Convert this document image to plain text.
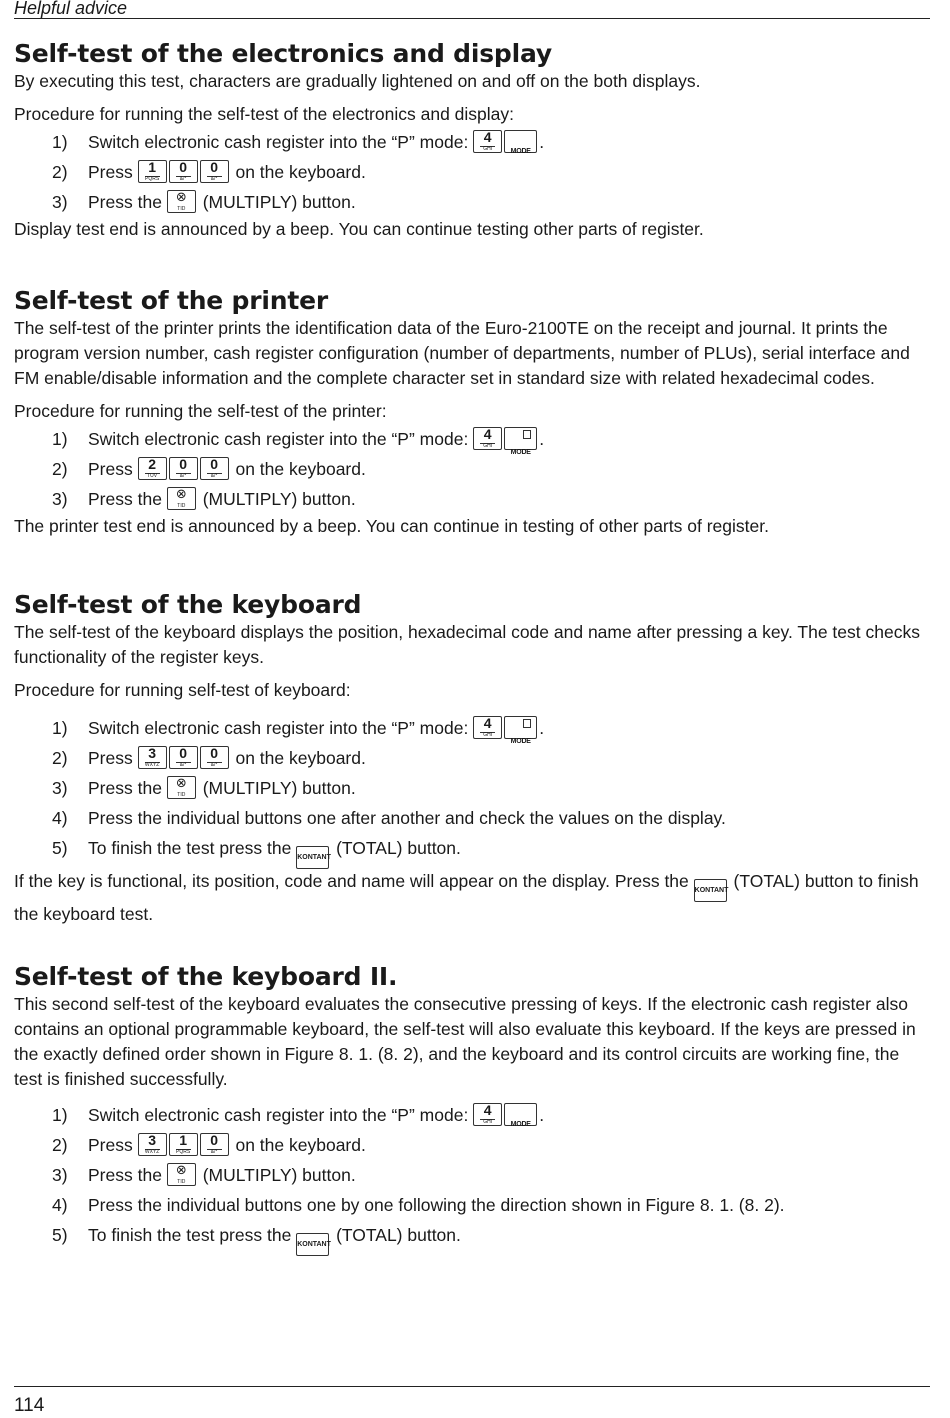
Helpful advice
Self-test of the electronics and display

By executing this test, characters are gradually lightened on and off on the both displays.

Procedure for running the self-test of the electronics and display:

1) Switch electronic cash register into the “P” mode:	4
GHI	MODE .
2) Press	1
PQRS
0
&/*
0
&/*	on the keyboard.
3) Press the	⊗
TID (MULTIPLY) button.

Display test end is announced by a beep. You can continue testing other parts of register.

Self-test of the printer

The self-test of the printer prints the identification data of the Euro-2100TE on the receipt and journal. It prints the program version number, cash register configuration (number of departments, number of PLUs), serial interface and FM enable/disable information and the complete character set in standard size with related hexadecimal codes.

Procedure for running the self-test of the printer:

1) Switch electronic cash register into the “P” mode:	4
GHI
MODE
.
2) Press	2
TUV
0
&/*
0
&/*	on the keyboard.
3) Press the	⊗
TID (MULTIPLY) button.

The printer test end is announced by a beep. You can continue in testing of other parts of register.

Self-test of the keyboard

The self-test of the keyboard displays the position, hexadecimal code and name after pressing a key. The test checks functionality of the register keys.

Procedure for running self-test of keyboard:

1) Switch electronic cash register into the “P” mode:	4
GHI
MODE
.
2) Press	3
WXYZ
0
&/*
0
&/*	on the keyboard.
3) Press the	⊗
TID (MULTIPLY) button.
4) Press the individual buttons one after another and check the values on the display.
5) To finish the test press the KONTANT (TOTAL) button.

If the key is functional, its position, code and name will appear on the display. Press the KONTANT (TOTAL) button to finish the keyboard test.

Self-test of the keyboard II.

This second self-test of the keyboard evaluates the consecutive pressing of keys. If the electronic cash register also contains an optional programmable keyboard, the self-test will also evaluate this keyboard. If the keys are pressed in the exactly defined order shown in Figure 8. 1. (8. 2), and the keyboard and its control circuits are working fine, the test is finished successfully.

1) Switch electronic cash register into the “P” mode:	4
GHI	MODE .
2) Press	3
WXYZ
1
PQRS
0
&/*	on the keyboard.
3) Press the	⊗
TID (MULTIPLY) button.
4) Press the individual buttons one by one following the direction shown in Figure 8. 1. (8. 2).
5) To finish the test press the KONTANT (TOTAL) button.
114
